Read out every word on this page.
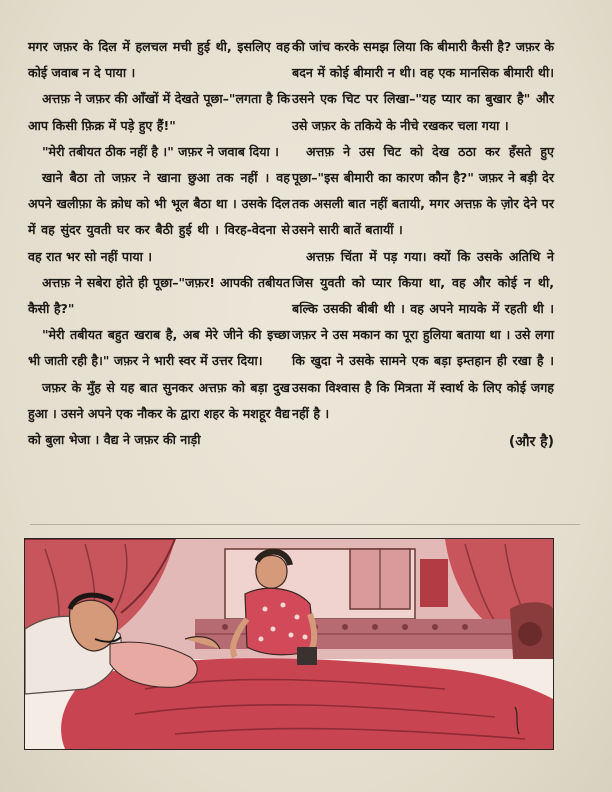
मगर जफ़र के दिल में हलचल मची हुई थी, इसलिए वह कोई जवाब न दे पाया ।

अत्तफ़ ने जफ़र की आँखों में देखते पूछा–"लगता है कि आप किसी फ़िक्र में पड़े हुए हैं!"

"मेरी तबीयत ठीक नहीं है ।" जफ़र ने जवाब दिया ।

खाने बैठा तो जफ़र ने खाना छुआ तक नहीं । वह अपने खलीफ़ा के क्रोध को भी भूल बैठा था । उसके दिल में वह सुंदर युवती घर कर बैठी हुई थी । विरह-वेदना से वह रात भर सो नहीं पाया ।

अत्तफ़ ने सबेरा होते ही पूछा–"जफ़र! आपकी तबीयत कैसी है?"

"मेरी तबीयत बहुत खराब है, अब मेरे जीने की इच्छा भी जाती रही है।" जफ़र ने भारी स्वर में उत्तर दिया।

जफ़र के मुँह से यह बात सुनकर अत्तफ़ को बड़ा दुख हुआ । उसने अपने एक नौकर के द्वारा शहर के मशहूर वैद्य को बुला भेजा । वैद्य ने जफ़र की नाड़ी

की जांच करके समझ लिया कि बीमारी कैसी है? जफ़र के बदन में कोई बीमारी न थी। वह एक मानसिक बीमारी थी। उसने एक चिट पर लिखा–"यह प्यार का बुखार है" और उसे जफ़र के तकिये के नीचे रखकर चला गया ।

अत्तफ़ ने उस चिट को देख ठठा कर हँसते हुए पूछा–"इस बीमारी का कारण कौन है?" जफ़र ने बड़ी देर तक असली बात नहीं बतायी, मगर अत्तफ़ के ज़ोर देने पर उसने सारी बातें बतायीं ।

अत्तफ़ चिंता में पड़ गया। क्यों कि उसके अतिथि ने जिस युवती को प्यार किया था, वह और कोई न थी, बल्कि उसकी बीबी थी । वह अपने मायके में रहती थी । जफ़र ने उस मकान का पूरा हुलिया बताया था । उसे लगा कि खुदा ने उसके सामने एक बड़ा इम्तहान ही रखा है । उसका विश्वास है कि मित्रता में स्वार्थ के लिए कोई जगह नहीं है ।

(और है)
